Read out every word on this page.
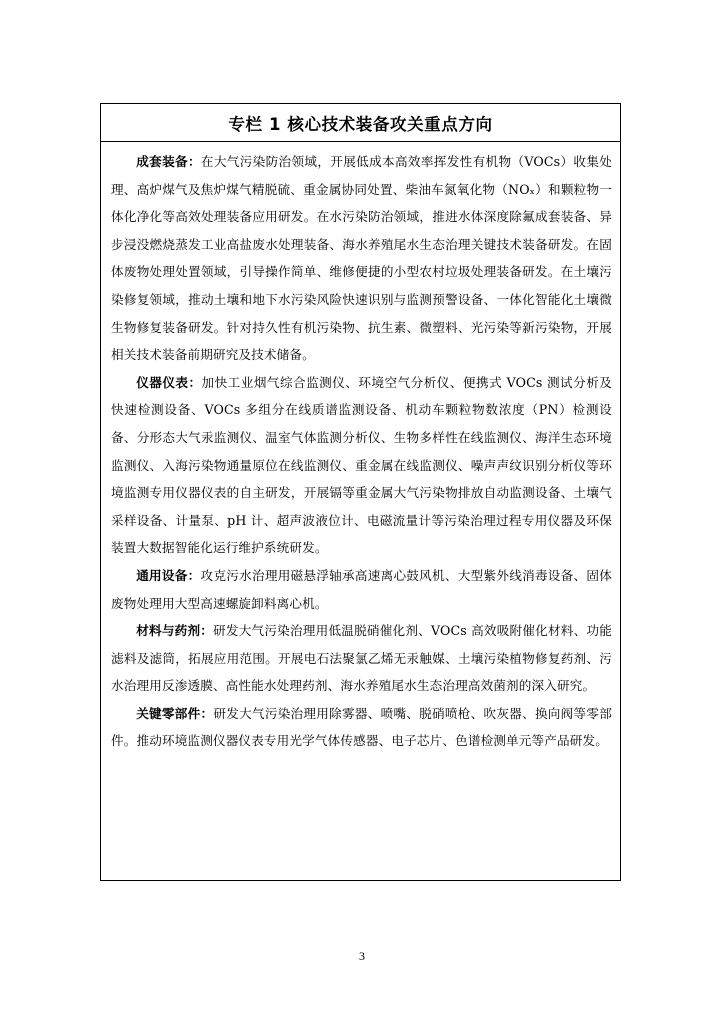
专栏 1 核心技术装备攻关重点方向

成套装备：在大气污染防治领域，开展低成本高效率挥发性有机物（VOCs）收集处理、高炉煤气及焦炉煤气精脱硫、重金属协同处置、柴油车氮氧化物（NOₓ）和颗粒物一体化净化等高效处理装备应用研发。在水污染防治领域，推进水体深度除氟成套装备、异步浸没燃烧蒸发工业高盐废水处理装备、海水养殖尾水生态治理关键技术装备研发。在固体废物处理处置领域，引导操作简单、维修便捷的小型农村垃圾处理装备研发。在土壤污染修复领域，推动土壤和地下水污染风险快速识别与监测预警设备、一体化智能化土壤微生物修复装备研发。针对持久性有机污染物、抗生素、微塑料、光污染等新污染物，开展相关技术装备前期研究及技术储备。

仪器仪表：加快工业烟气综合监测仪、环境空气分析仪、便携式 VOCs 测试分析及快速检测设备、VOCs 多组分在线质谱监测设备、机动车颗粒物数浓度（PN）检测设备、分形态大气汞监测仪、温室气体监测分析仪、生物多样性在线监测仪、海洋生态环境监测仪、入海污染物通量原位在线监测仪、重金属在线监测仪、噪声声纹识别分析仪等环境监测专用仪器仪表的自主研发，开展镉等重金属大气污染物排放自动监测设备、土壤气采样设备、计量泵、pH 计、超声波液位计、电磁流量计等污染治理过程专用仪器及环保装置大数据智能化运行维护系统研发。

通用设备：攻克污水治理用磁悬浮轴承高速离心鼓风机、大型紫外线消毒设备、固体废物处理用大型高速螺旋卸料离心机。

材料与药剂：研发大气污染治理用低温脱硝催化剂、VOCs 高效吸附催化材料、功能滤料及滤筒，拓展应用范围。开展电石法聚氯乙烯无汞触媒、土壤污染植物修复药剂、污水治理用反渗透膜、高性能水处理药剂、海水养殖尾水生态治理高效菌剂的深入研究。

关键零部件：研发大气污染治理用除雾器、喷嘴、脱硝喷枪、吹灰器、换向阀等零部件。推动环境监测仪器仪表专用光学气体传感器、电子芯片、色谱检测单元等产品研发。

3
